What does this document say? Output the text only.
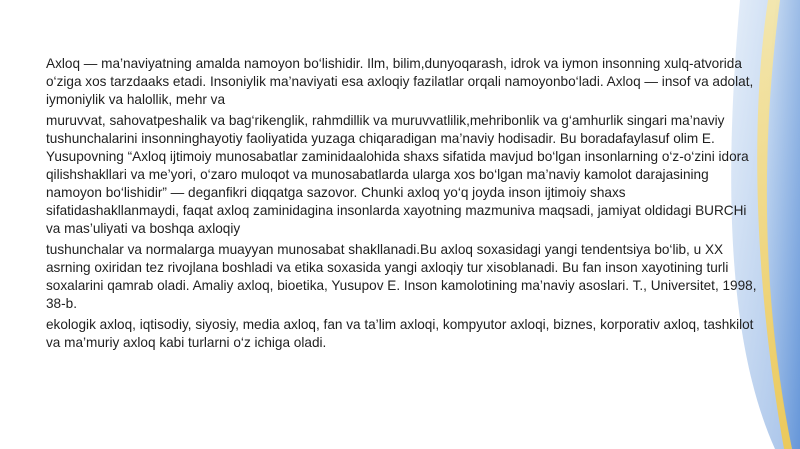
Axloq — ma’naviyatning amalda namoyon bo‘lishidir. Ilm, bilim,dunyoqarash, idrok va iymon insonning xulq-atvorida o‘ziga xos tarzdaaks etadi. Insoniylik ma’naviyati esa axloqiy fazilatlar orqali namoyonbo‘ladi. Axloq — insof va adolat, iymoniylik va halollik, mehr va

muruvvat, sahovatpeshalik va bag‘rikenglik, rahmdillik va muruvvatlilik,mehribonlik va g‘amhurlik singari ma’naviy tushunchalarini insonninghayotiy faoliyatida yuzaga chiqaradigan ma’naviy hodisadir. Bu boradafaylasuf olim E. Yusupovning “Axloq ijtimoiy munosabatlar zaminidaalohida shaxs sifatida mavjud bo‘lgan insonlarning o‘z-o‘zini idora qilishshakllari va me’yori, o‘zaro muloqot va munosabatlarda ularga xos bo‘lgan ma’naviy kamolot darajasining namoyon bo‘lishidir” — deganfikri diqqatga sazovor. Chunki axloq yo‘q joyda inson ijtimoiy shaxs sifatidashakllanmaydi, faqat axloq zaminidagina insonlarda xayotning mazmuniva maqsadi, jamiyat oldidagi BURCHi va mas’uliyati va boshqa axloqiy

tushunchalar va normalarga muayyan munosabat shakllanadi.Bu axloq soxasidagi yangi tendentsiya bo‘lib, u XX asrning oxiridan tez rivojlana boshladi va etika soxasida yangi axloqiy tur xisoblanadi. Bu fan inson xayotining turli soxalarini qamrab oladi. Amaliy axloq, bioetika, Yusupov E. Inson kamolotining ma’naviy asoslari. T., Universitet, 1998, 38-b.

ekologik axloq, iqtisodiy, siyosiy, media axloq, fan va ta’lim axloqi, kompyutor axloqi, biznes, korporativ axloq, tashkilot va ma’muriy axloq kabi turlarni o‘z ichiga oladi.
